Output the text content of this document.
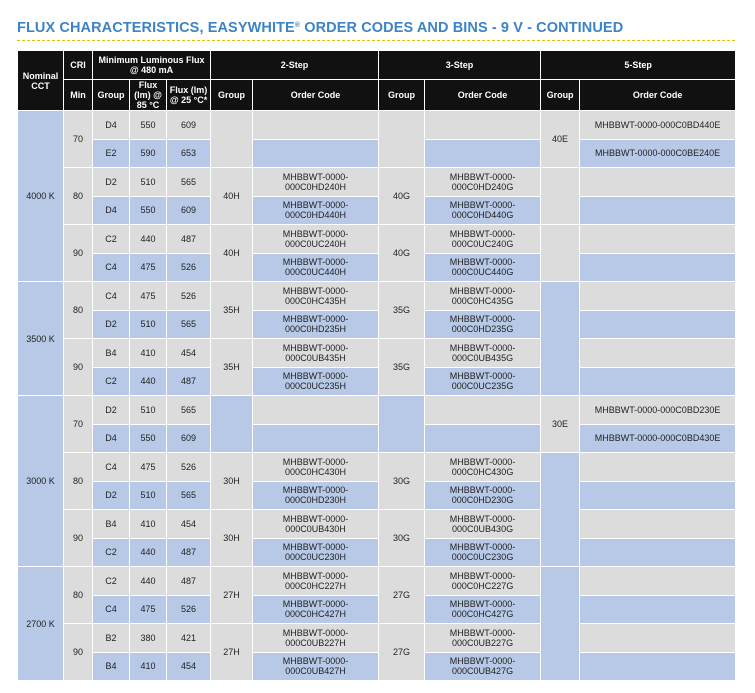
FLUX CHARACTERISTICS, EASYWHITE® ORDER CODES AND BINS - 9 V - CONTINUED
Nominal CCT	CRI	Minimum Luminous Flux @ 480 mA			2-Step		3-Step		5-Step	
	Min	Group	Flux (lm) @ 85 °C	Flux (lm) @ 25 °C*	Group	Order Code	Group	Order Code	Group	Order Code
4000 K	70	D4	550	609					40E	MHBBWT-0000-000C0BD440E
		E2	590	653						MHBBWT-0000-000C0BE240E
	80	D2	510	565	40H	MHBBWT-0000-000C0HD240H	40G	MHBBWT-0000-000C0HD240G		
		D4	550	609		MHBBWT-0000-000C0HD440H		MHBBWT-0000-000C0HD440G		
	90	C2	440	487	40H	MHBBWT-0000-000C0UC240H	40G	MHBBWT-0000-000C0UC240G		
		C4	475	526		MHBBWT-0000-000C0UC440H		MHBBWT-0000-000C0UC440G		
3500 K	80	C4	475	526	35H	MHBBWT-0000-000C0HC435H	35G	MHBBWT-0000-000C0HC435G		
		D2	510	565		MHBBWT-0000-000C0HD235H		MHBBWT-0000-000C0HD235G		
	90	B4	410	454	35H	MHBBWT-0000-000C0UB435H	35G	MHBBWT-0000-000C0UB435G		
		C2	440	487		MHBBWT-0000-000C0UC235H		MHBBWT-0000-000C0UC235G		
3000 K	70	D2	510	565					30E	MHBBWT-0000-000C0BD230E
		D4	550	609						MHBBWT-0000-000C0BD430E
	80	C4	475	526	30H	MHBBWT-0000-000C0HC430H	30G	MHBBWT-0000-000C0HC430G		
		D2	510	565		MHBBWT-0000-000C0HD230H		MHBBWT-0000-000C0HD230G		
	90	B4	410	454	30H	MHBBWT-0000-000C0UB430H	30G	MHBBWT-0000-000C0UB430G		
		C2	440	487		MHBBWT-0000-000C0UC230H		MHBBWT-0000-000C0UC230G		
2700 K	80	C2	440	487	27H	MHBBWT-0000-000C0HC227H	27G	MHBBWT-0000-000C0HC227G		
		C4	475	526		MHBBWT-0000-000C0HC427H		MHBBWT-0000-000C0HC427G		
	90	B2	380	421	27H	MHBBWT-0000-000C0UB227H	27G	MHBBWT-0000-000C0UB227G		
		B4	410	454		MHBBWT-0000-000C0UB427H		MHBBWT-0000-000C0UB427G		
